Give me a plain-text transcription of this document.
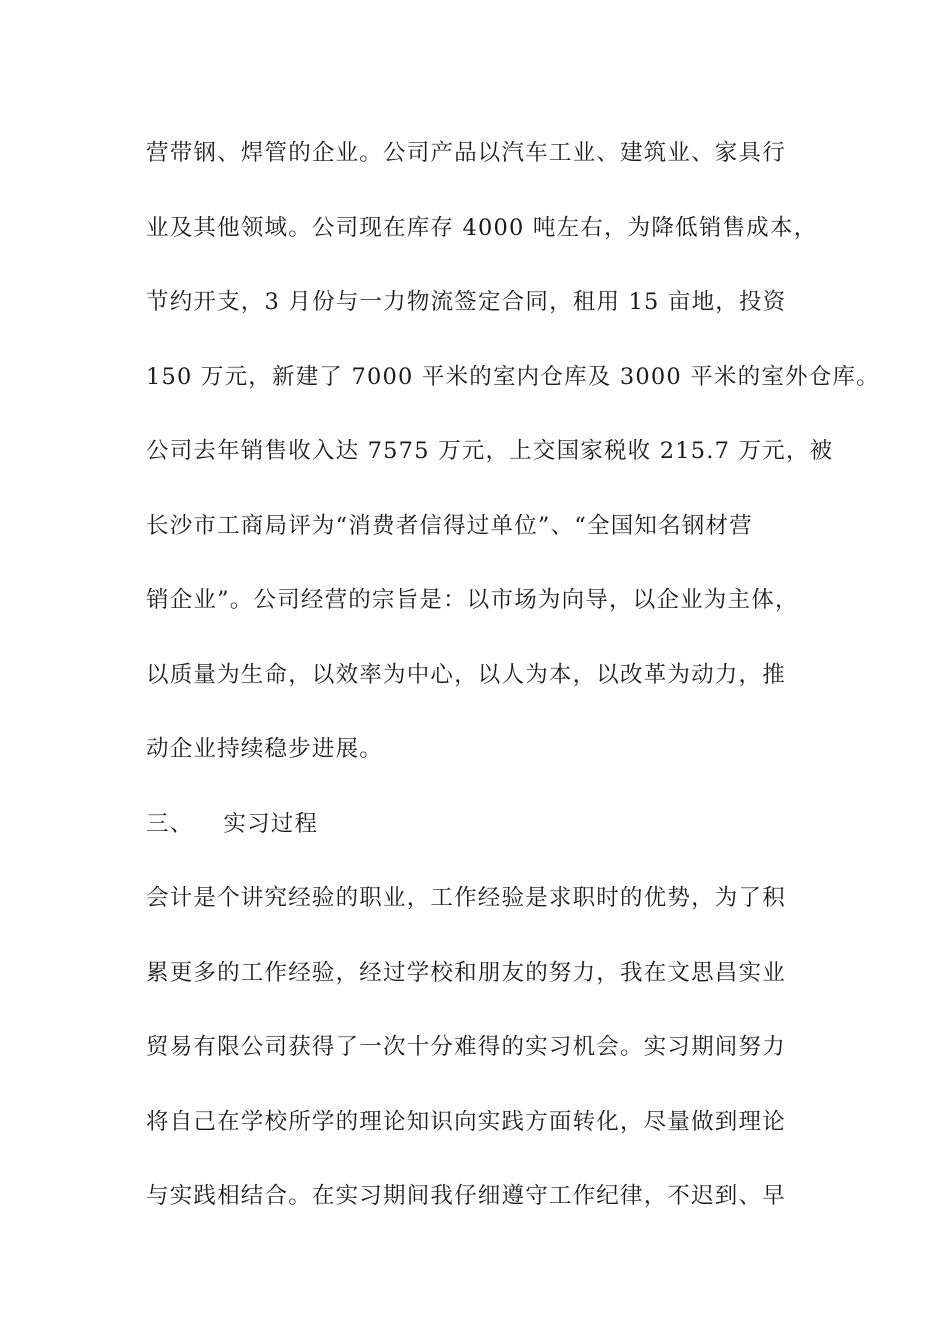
营带钢、焊管的企业。公司产品以汽车工业、建筑业、家具行
业及其他领域。公司现在库存 4000 吨左右，为降低销售成本，
节约开支，3 月份与一力物流签定合同，租用 15 亩地，投资
150 万元，新建了 7000 平米的室内仓库及 3000 平米的室外仓库。
公司去年销售收入达 7575 万元，上交国家税收 215.7 万元，被
长沙市工商局评为“消费者信得过单位”、“全国知名钢材营
销企业”。公司经营的宗旨是：以市场为向导，以企业为主体，
以质量为生命，以效率为中心，以人为本，以改革为动力，推
动企业持续稳步进展。
三、 实习过程
会计是个讲究经验的职业，工作经验是求职时的优势，为了积
累更多的工作经验，经过学校和朋友的努力，我在文思昌实业
贸易有限公司获得了一次十分难得的实习机会。实习期间努力
将自己在学校所学的理论知识向实践方面转化，尽量做到理论
与实践相结合。在实习期间我仔细遵守工作纪律，不迟到、早
